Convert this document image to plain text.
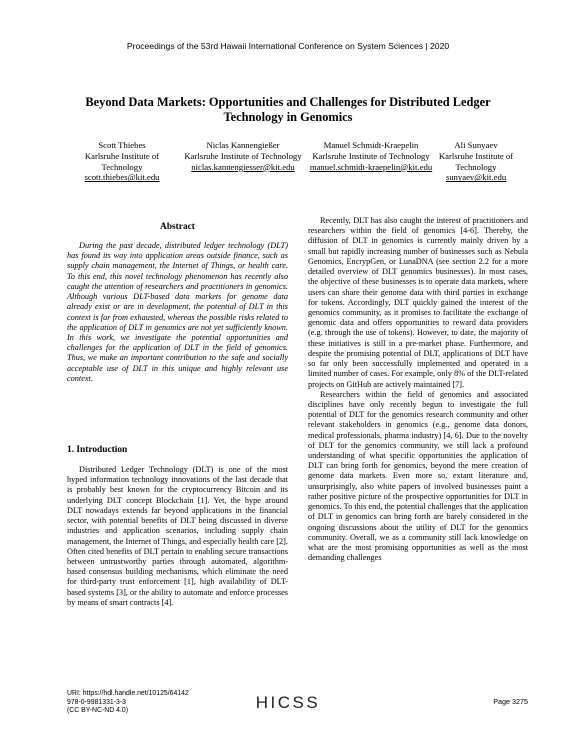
Proceedings of the 53rd Hawaii International Conference on System Sciences | 2020
Beyond Data Markets: Opportunities and Challenges for Distributed Ledger Technology in Genomics
Scott Thiebes
Karlsruhe Institute of Technology
scott.thiebes@kit.edu
Niclas Kannengießer
Karlsruhe Institute of Technology
niclas.kannengiesser@kit.edu
Manuel Schmidt-Kraepelin
Karlsruhe Institute of Technology
manuel.schmidt-kraepelin@kit.edu
Ali Sunyaev
Karlsruhe Institute of Technology
sunyaev@kit.edu
Abstract
During the past decade, distributed ledger technology (DLT) has found its way into application areas outside finance, such as supply chain management, the Internet of Things, or health care. To this end, this novel technology phenomenon has recently also caught the attention of researchers and practitioners in genomics. Although various DLT-based data markets for genome data already exist or are in development, the potential of DLT in this context is far from exhausted, whereas the possible risks related to the application of DLT in genomics are not yet sufficiently known. In this work, we investigate the potential opportunities and challenges for the application of DLT in the field of genomics. Thus, we make an important contribution to the safe and socially acceptable use of DLT in this unique and highly relevant use context.
1. Introduction
Distributed Ledger Technology (DLT) is one of the most hyped information technology innovations of the last decade that is probably best known for the cryptocurrency Bitcoin and its underlying DLT concept Blockchain [1]. Yet, the hype around DLT nowadays extends far beyond applications in the financial sector, with potential benefits of DLT being discussed in diverse industries and application scenarios, including supply chain management, the Internet of Things, and especially health care [2]. Often cited benefits of DLT pertain to enabling secure transactions between untrustworthy parties through automated, algorithm-based consensus building mechanisms, which eliminate the need for third-party trust enforcement [1], high availability of DLT-based systems [3], or the ability to automate and enforce processes by means of smart contracts [4].

Recently, DLT has also caught the interest of practitioners and researchers within the field of genomics [4-6]. Thereby, the diffusion of DLT in genomics is currently mainly driven by a small but rapidly increasing number of businesses such as Nebula Genomics, EncrypGen, or LunaDNA (see section 2.2 for a more detailed overview of DLT genomics businesses). In most cases, the objective of these businesses is to operate data markets, where users can share their genome data with third parties in exchange for tokens. Accordingly, DLT quickly gained the interest of the genomics community, as it promises to facilitate the exchange of genomic data and offers opportunities to reward data providers (e.g. through the use of tokens). However, to date, the majority of these initiatives is still in a pre-market phase. Furthermore, and despite the promising potential of DLT, applications of DLT have so far only been successfully implemented and operated in a limited number of cases. For example, only 8% of the DLT-related projects on GitHub are actively maintained [7].

Researchers within the field of genomics and associated disciplines have only recently begun to investigate the full potential of DLT for the genomics research community and other relevant stakeholders in genomics (e.g., genome data donors, medical professionals, pharma industry) [4, 6]. Due to the novelty of DLT for the genomics community, we still lack a profound understanding of what specific opportunities the application of DLT can bring forth for genomics, beyond the mere creation of genome data markets. Even more so, extant literature and, unsurprisingly, also white papers of involved businesses paint a rather positive picture of the prospective opportunities for DLT in genomics. To this end, the potential challenges that the application of DLT in genomics can bring forth are barely considered in the ongoing discussions about the utility of DLT for the genomics community. Overall, we as a community still lack knowledge on what are the most promising opportunities as well as the most demanding challenges

URI: https://hdl.handle.net/10125/64142
978-0-9981331-3-3
(CC BY-NC-ND 4.0)	HICSS	Page 3275
